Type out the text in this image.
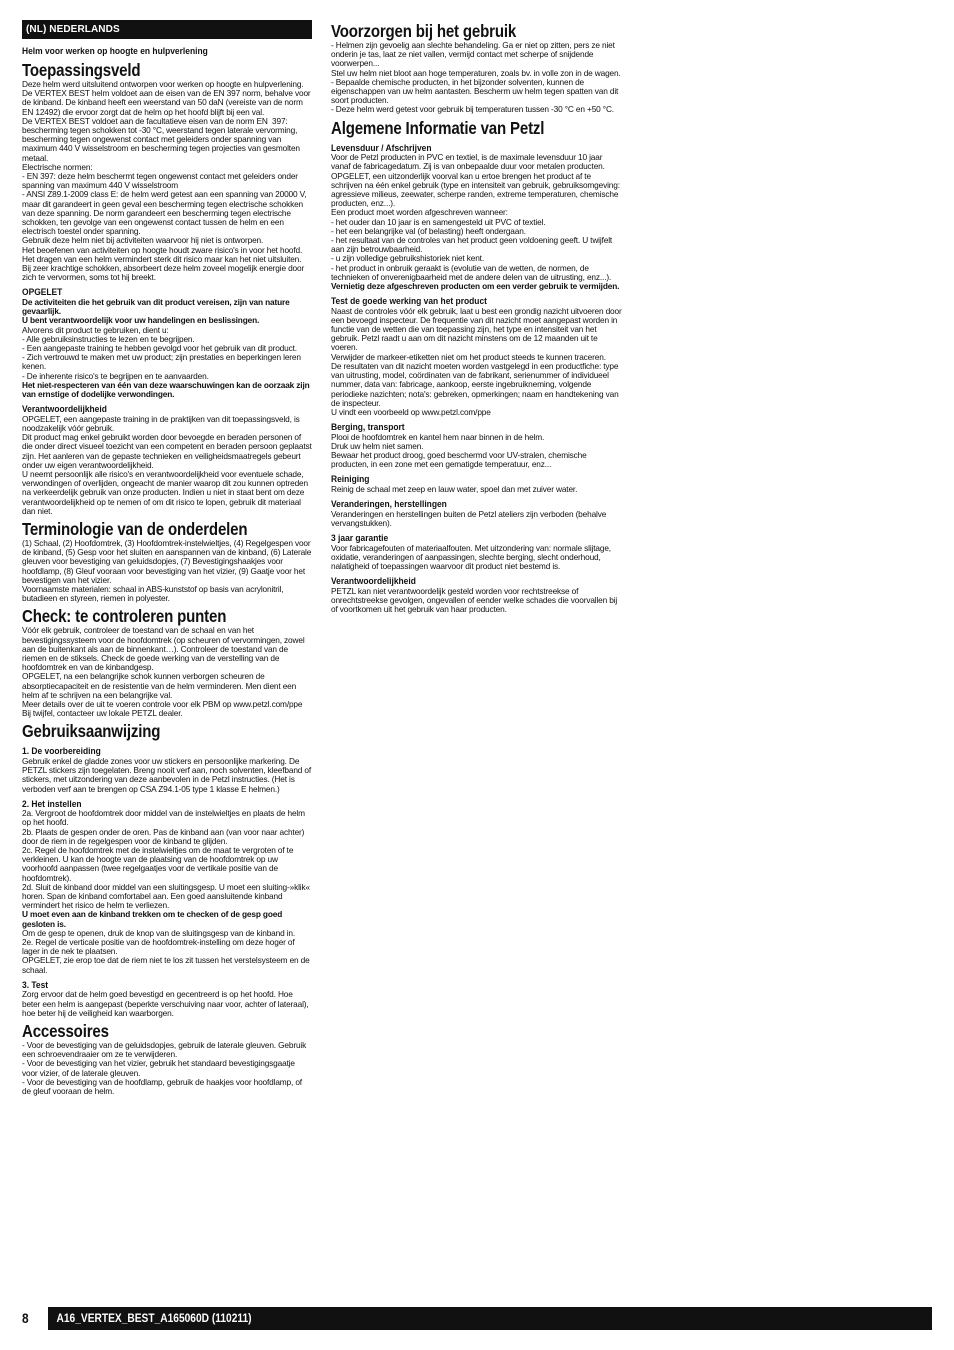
(NL) NEDERLANDS
Helm voor werken op hoogte en hulpverlening
Toepassingsveld
Deze helm werd uitsluitend ontworpen voor werken op hoogte en hulpverlening.
De VERTEX BEST helm voldoet aan de eisen van de EN 397 norm, behalve voor de kinband. De kinband heeft een weerstand van 50 daN (vereiste van de norm EN 12492) die ervoor zorgt dat de helm op het hoofd blijft bij een val.
De VERTEX BEST voldoet aan de facultatieve eisen van de norm EN  397: bescherming tegen schokken tot -30 °C, weerstand tegen laterale vervorming, bescherming tegen ongewenst contact met geleiders onder spanning van maximum 440 V wisselstroom en bescherming tegen projecties van gesmolten metaal.
Electrische normen:
- EN 397: deze helm beschermt tegen ongewenst contact met geleiders onder spanning van maximum 440 V wisselstroom
- ANSI Z89.1-2009 class E: de helm werd getest aan een spanning van 20000 V, maar dit garandeert in geen geval een bescherming tegen electrische schokken van deze spanning. De norm garandeert een bescherming tegen electrische schokken, ten gevolge van een ongewenst contact tussen de helm en een electrisch toestel onder spanning.
Gebruik deze helm niet bij activiteiten waarvoor hij niet is ontworpen.
Het beoefenen van activiteiten op hoogte houdt zware risico's in voor het hoofd. Het dragen van een helm vermindert sterk dit risico maar kan het niet uitsluiten. Bij zeer krachtige schokken, absorbeert deze helm zoveel mogelijk energie door zich te vervormen, soms tot hij breekt.
OPGELET
De activiteiten die het gebruik van dit product vereisen, zijn van nature gevaarlijk.
U bent verantwoordelijk voor uw handelingen en beslissingen.
Alvorens dit product te gebruiken, dient u:
- Alle gebruiksinstructies te lezen en te begrijpen.
- Een aangepaste training te hebben gevolgd voor het gebruik van dit product.
- Zich vertrouwd te maken met uw product; zijn prestaties en beperkingen leren kenen.
- De inherente risico's te begrijpen en te aanvaarden.
Het niet-respecteren van één van deze waarschuwingen kan de oorzaak zijn van ernstige of dodelijke verwondingen.
Verantwoordelijkheid
OPGELET, een aangepaste training in de praktijken van dit toepassingsveld, is noodzakelijk vóór gebruik.
Dit product mag enkel gebruikt worden door bevoegde en beraden personen of die onder direct visueel toezicht van een competent en beraden persoon geplaatst zijn. Het aanleren van de gepaste technieken en veiligheidsmaatregels gebeurt onder uw eigen verantwoordelijkheid.
U neemt persoonlijk alle risico's en verantwoordelijkheid voor eventuele schade, verwondingen of overlijden, ongeacht de manier waarop dit zou kunnen optreden na verkeerdelijk gebruik van onze producten. Indien u niet in staat bent om deze verantwoordelijkheid op te nemen of om dit risico te lopen, gebruik dit materiaal dan niet.
Terminologie van de onderdelen
(1) Schaal, (2) Hoofdomtrek, (3) Hoofdomtrek-instelwieltjes, (4) Regelgespen voor de kinband, (5) Gesp voor het sluiten en aanspannen van de kinband, (6) Laterale gleuven voor bevestiging van geluidsdopjes, (7) Bevestigingshaakjes voor hoofdlamp, (8) Gleuf vooraan voor bevestiging van het vizier, (9) Gaatje voor het bevestigen van het vizier.
Voornaamste materialen: schaal in ABS-kunststof op basis van acrylonitril, butadieen en styreen, riemen in polyester.
Check: te controleren punten
Vóór elk gebruik, controleer de toestand van de schaal en van het bevestigingssysteem voor de hoofdomtrek (op scheuren of vervormingen, zowel aan de buitenkant als aan de binnenkant…). Controleer de toestand van de riemen en de stiksels. Check de goede werking van de verstelling van de hoofdomtrek en van de kinbandgesp.
OPGELET, na een belangrijke schok kunnen verborgen scheuren de absorptiecapaciteit en de resistentie van de helm verminderen. Men dient een helm af te schrijven na een belangrijke val.
Meer details over de uit te voeren controle voor elk PBM op www.petzl.com/ppe
Bij twijfel, contacteer uw lokale PETZL dealer.
Gebruiksaanwijzing
1. De voorbereiding
Gebruik enkel de gladde zones voor uw stickers en persoonlijke markering. De PETZL stickers zijn toegelaten. Breng nooit verf aan, noch solventen, kleefband of stickers, met uitzondering van deze aanbevolen in de Petzl instructies. (Het is verboden verf aan te brengen op CSA Z94.1-05 type 1 klasse E helmen.)
2. Het instellen
2a. Vergroot de hoofdomtrek door middel van de instelwieltjes en plaats de helm op het hoofd.
2b. Plaats de gespen onder de oren. Pas de kinband aan (van voor naar achter) door de riem in de regelgespen voor de kinband te glijden.
2c. Regel de hoofdomtrek met de instelwieltjes om de maat te vergroten of te verkleinen. U kan de hoogte van de plaatsing van de hoofdomtrek op uw voorhoofd aanpassen (twee regelgaatjes voor de vertikale positie van de hoofdomtrek).
2d. Sluit de kinband door middel van een sluitingsgesp. U moet een sluiting-»klik« horen. Span de kinband comfortabel aan. Een goed aansluitende kinband vermindert het risico de helm te verliezen.
U moet even aan de kinband trekken om te checken of de gesp goed gesloten is.
Om de gesp te openen, druk de knop van de sluitingsgesp van de kinband in.
2e. Regel de verticale positie van de hoofdomtrek-instelling om deze hoger of lager in de nek te plaatsen.
OPGELET, zie erop toe dat de riem niet te los zit tussen het verstelsysteem en de schaal.
3. Test
Zorg ervoor dat de helm goed bevestigd en gecentreerd is op het hoofd. Hoe beter een helm is aangepast (beperkte verschuiving naar voor, achter of lateraal), hoe beter hij de veiligheid kan waarborgen.
Accessoires
- Voor de bevestiging van de geluidsdopjes, gebruik de laterale gleuven. Gebruik een schroevendraaier om ze te verwijderen.
- Voor de bevestiging van het vizier, gebruik het standaard bevestigingsgaatje voor vizier, of de laterale gleuven.
- Voor de bevestiging van de hoofdlamp, gebruik de haakjes voor hoofdlamp, of de gleuf vooraan de helm.
Voorzorgen bij het gebruik
- Helmen zijn gevoelig aan slechte behandeling. Ga er niet op zitten, pers ze niet onderin je tas, laat ze niet vallen, vermijd contact met scherpe of snijdende voorwerpen...
Stel uw helm niet bloot aan hoge temperaturen, zoals bv. in volle zon in de wagen.
- Bepaalde chemische producten, in het bijzonder solventen, kunnen de eigenschappen van uw helm aantasten. Bescherm uw helm tegen spatten van dit soort producten.
- Deze helm werd getest voor gebruik bij temperaturen tussen -30 °C en +50 °C.
Algemene Informatie van Petzl
Levensduur / Afschrijven
Voor de Petzl producten in PVC en textiel, is de maximale levensduur 10 jaar vanaf de fabricagedatum. Zij is van onbepaalde duur voor metalen producten.
OPGELET, een uitzonderlijk voorval kan u ertoe brengen het product af te schrijven na één enkel gebruik (type en intensiteit van gebruik, gebruiksomgeving: agressieve milieus, zeewater, scherpe randen, extreme temperaturen, chemische producten, enz...).
Een product moet worden afgeschreven wanneer:
- het ouder dan 10 jaar is en samengesteld uit PVC of textiel.
- het een belangrijke val (of belasting) heeft ondergaan.
- het resultaat van de controles van het product geen voldoening geeft. U twijfelt aan zijn betrouwbaarheid.
- u zijn volledige gebruikshistoriek niet kent.
- het product in onbruik geraakt is (evolutie van de wetten, de normen, de technieken of onverenigbaarheid met de andere delen van de uitrusting, enz...).
Vernietig deze afgeschreven producten om een verder gebruik te vermijden.
Test de goede werking van het product
Naast de controles vóór elk gebruik, laat u best een grondig nazicht uitvoeren door een bevoegd inspecteur. De frequentie van dit nazicht moet aangepast worden in functie van de wetten die van toepassing zijn, het type en intensiteit van het gebruik. Petzl raadt u aan om dit nazicht minstens om de 12 maanden uit te voeren.
Verwijder de markeer-etiketten niet om het product steeds te kunnen traceren.
De resultaten van dit nazicht moeten worden vastgelegd in een productfiche: type van uitrusting, model, coördinaten van de fabrikant, serienummer of individueel nummer, data van: fabricage, aankoop, eerste ingebruikneming, volgende periodieke nazichten; nota's: gebreken, opmerkingen; naam en handtekening van de inspecteur.
U vindt een voorbeeld op www.petzl.com/ppe
Berging, transport
Plooi de hoofdomtrek en kantel hem naar binnen in de helm.
Druk uw helm niet samen.
Bewaar het product droog, goed beschermd voor UV-stralen, chemische producten, in een zone met een gematigde temperatuur, enz...
Reiniging
Reinig de schaal met zeep en lauw water, spoel dan met zuiver water.
Veranderingen, herstellingen
Veranderingen en herstellingen buiten de Petzl ateliers zijn verboden (behalve vervangstukken).
3 jaar garantie
Voor fabricagefouten of materiaalfouten. Met uitzondering van: normale slijtage, oxidatie, veranderingen of aanpassingen, slechte berging, slecht onderhoud, nalatigheid of toepassingen waarvoor dit product niet bestemd is.
Verantwoordelijkheid
PETZL kan niet verantwoordelijk gesteld worden voor rechtstreekse of onrechtstreekse gevolgen, ongevallen of eender welke schades die voorvallen bij of voortkomen uit het gebruik van haar producten.
8	A16_VERTEX_BEST_A165060D (110211)
